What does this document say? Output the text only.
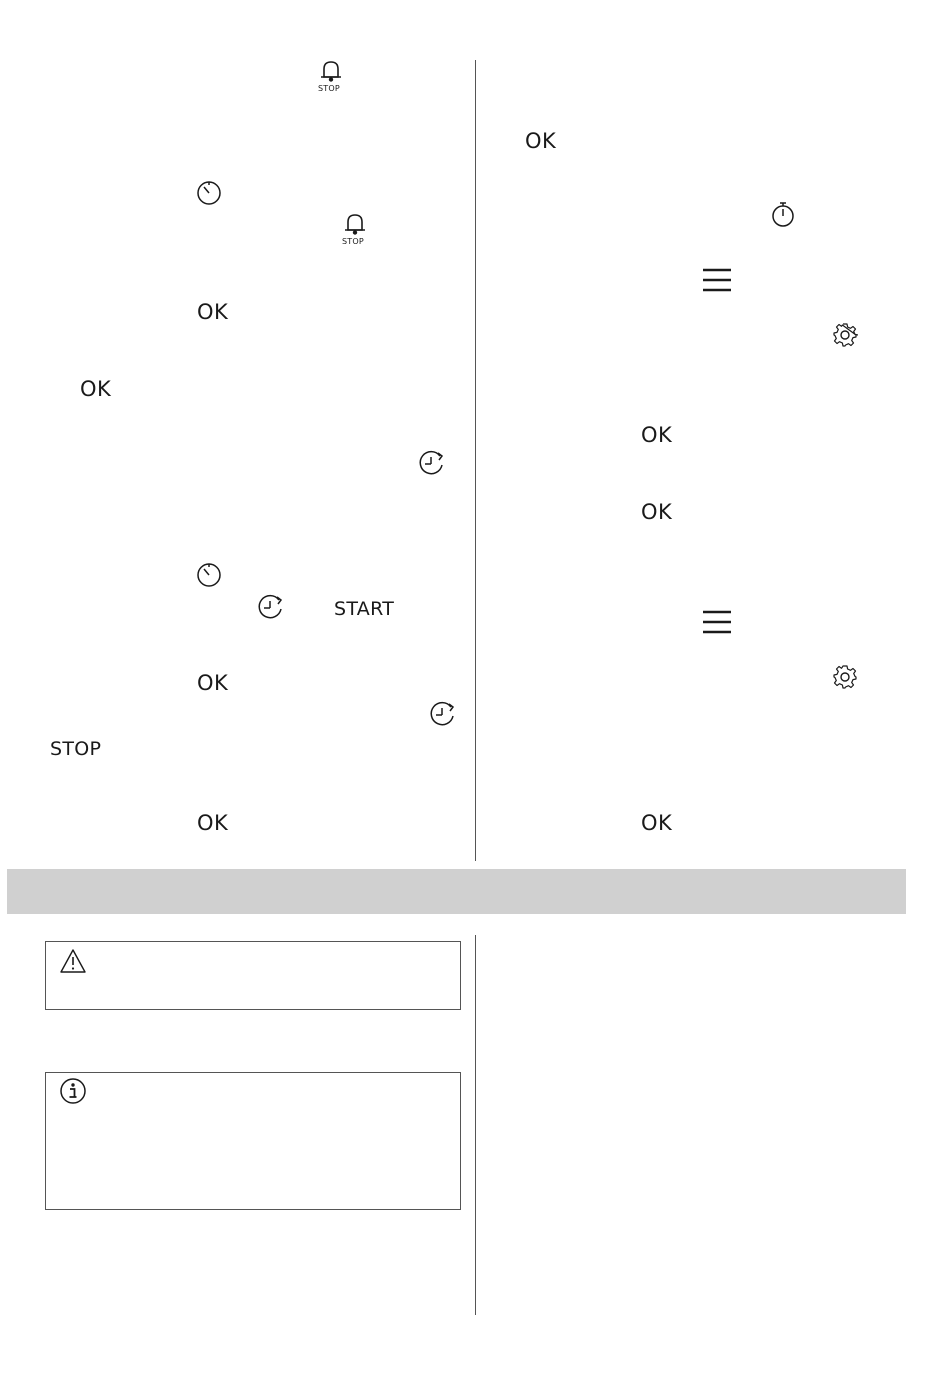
STOP
STOP
OK
OK
START
OK
STOP
OK
OK
OK
OK
OK
